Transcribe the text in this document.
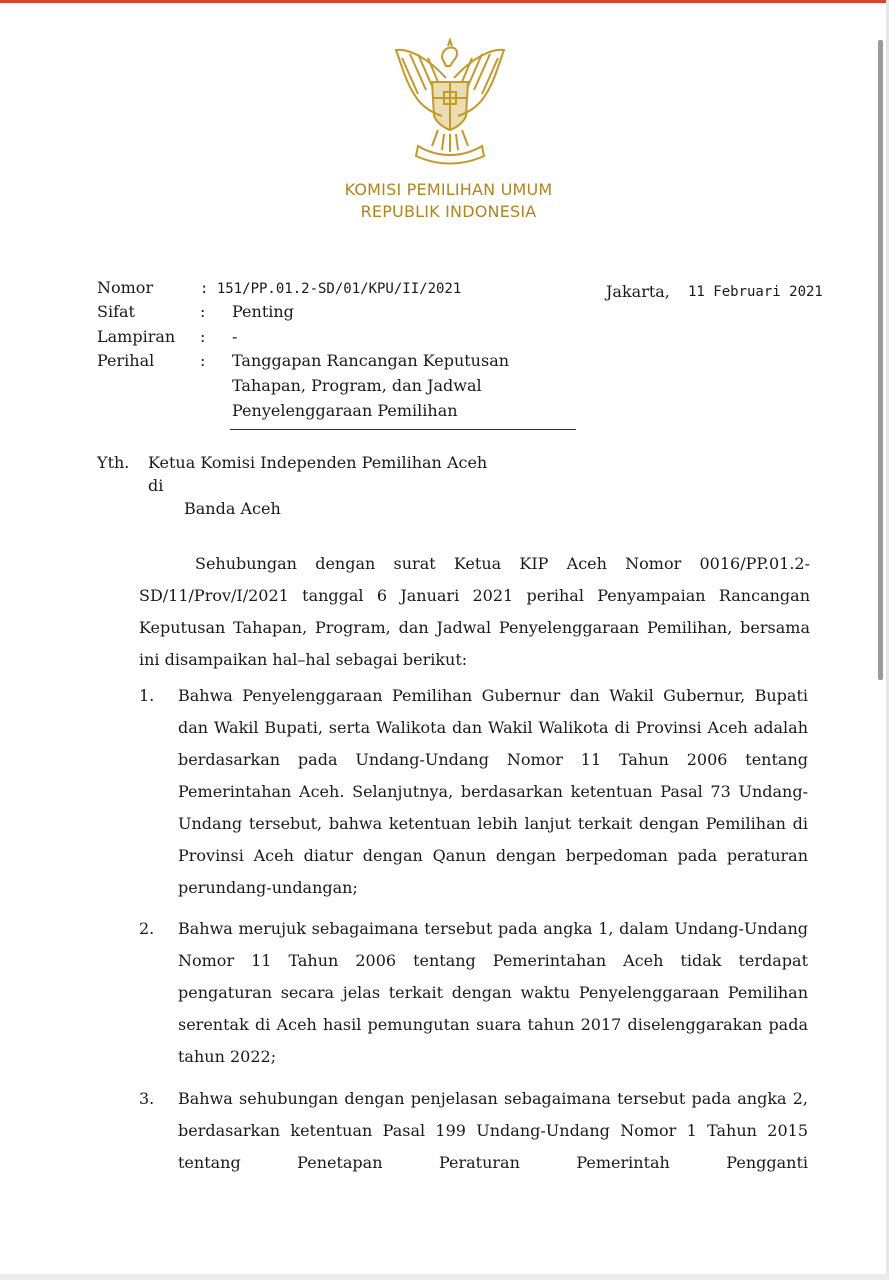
KOMISI PEMILIHAN UMUM
REPUBLIK INDONESIA
Nomor	: 151/PP.01.2-SD/01/KPU/II/2021
Sifat	: Penting
Lampiran : -
Perihal	: Tanggapan Rancangan Keputusan
Tahapan, Program, dan Jadwal
Penyelenggaraan Pemilihan
Jakarta, 11 Februari 2021
Yth. Ketua Komisi Independen Pemilihan Aceh
di
Banda Aceh
Sehubungan dengan surat Ketua KIP Aceh Nomor 0016/PP.01.2-SD/11/Prov/I/2021 tanggal 6 Januari 2021 perihal Penyampaian Rancangan Keputusan Tahapan, Program, dan Jadwal Penyelenggaraan Pemilihan, bersama ini disampaikan hal–hal sebagai berikut:
1. Bahwa Penyelenggaraan Pemilihan Gubernur dan Wakil Gubernur, Bupati dan Wakil Bupati, serta Walikota dan Wakil Walikota di Provinsi Aceh adalah berdasarkan pada Undang-Undang Nomor 11 Tahun 2006 tentang Pemerintahan Aceh. Selanjutnya, berdasarkan ketentuan Pasal 73 Undang-Undang tersebut, bahwa ketentuan lebih lanjut terkait dengan Pemilihan di Provinsi Aceh diatur dengan Qanun dengan berpedoman pada peraturan perundang-undangan;
2. Bahwa merujuk sebagaimana tersebut pada angka 1, dalam Undang-Undang Nomor 11 Tahun 2006 tentang Pemerintahan Aceh tidak terdapat pengaturan secara jelas terkait dengan waktu Penyelenggaraan Pemilihan serentak di Aceh hasil pemungutan suara tahun 2017 diselenggarakan pada tahun 2022;
3. Bahwa sehubungan dengan penjelasan sebagaimana tersebut pada angka 2, berdasarkan ketentuan Pasal 199 Undang-Undang Nomor 1 Tahun 2015 tentang Penetapan Peraturan Pemerintah Pengganti
